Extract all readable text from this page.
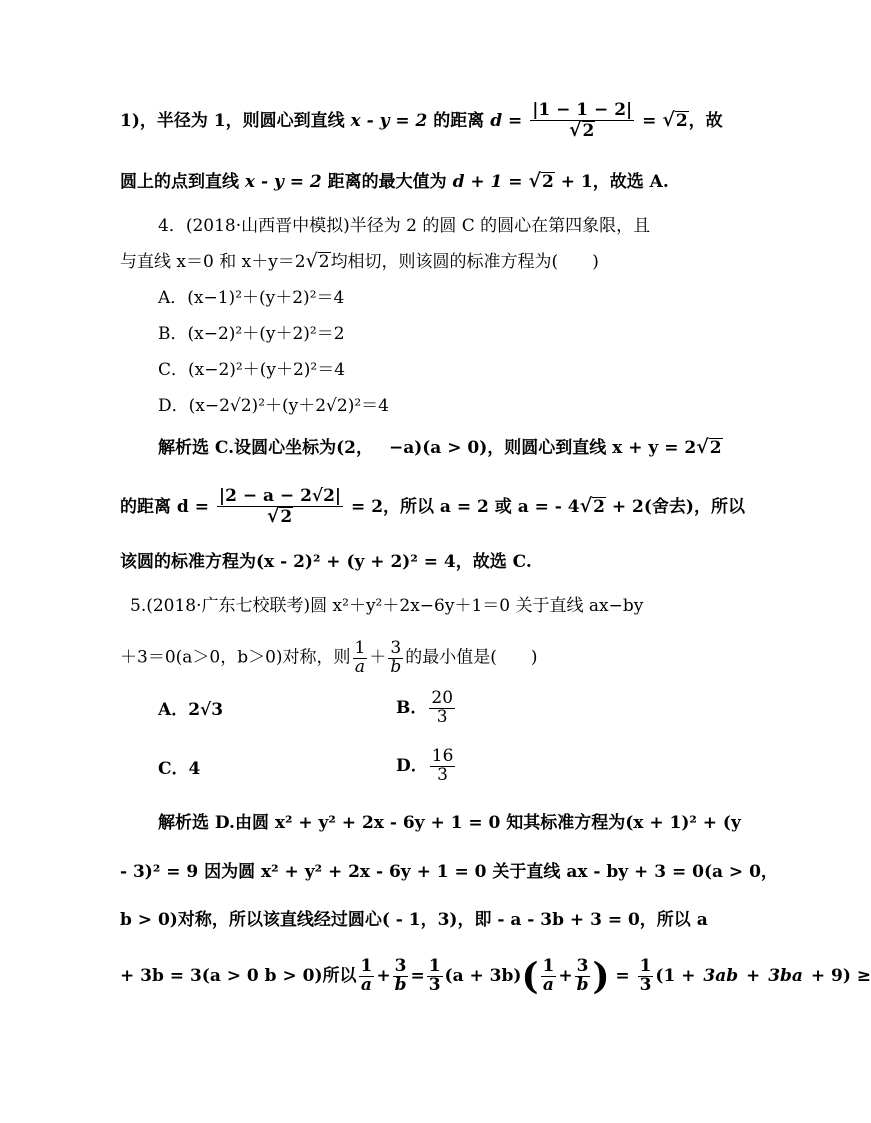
1)，半径为 1，则圆心到直线 x - y = 2 的距离 $d = \frac{|1 - 1 - 2|}{√2} = √2$，故
圆上的点到直线 x - y = 2 距离的最大值为 d + 1 = √2 + 1，故选 A.
4．(2018·山西晋中模拟)半径为 2 的圆 C 的圆心在第四象限，且
与直线 x＝0 和 x＋y＝2√2均相切，则该圆的标准方程为(　　)
A．(x−1)²＋(y＋2)²＝4
B．(x−2)²＋(y＋2)²＝2
C．(x−2)²＋(y＋2)²＝4
D．(x−2√2)²＋(y＋2√2)²＝4
解析选 C.设圆心坐标为(2， −a)(a > 0)，则圆心到直线 x + y = 2√2
的距离 $d = \frac{|2 - a - 2√2|}{√2} = 2$，所以 a = 2 或 a = - 4√2 + 2(舍去)，所以
该圆的标准方程为(x - 2)² + (y + 2)² = 4，故选 C.
5.(2018·广东七校联考)圆 x²＋y²＋2x−6y＋1＝0 关于直线 ax−by
＋3＝0(a＞0，b＞0)对称，则 $\frac{1}{a} + \frac{3}{b}$ 的最小值是(　　)
A．2√3	B． $\frac{20}{3}$
C．4	D． $\frac{16}{3}$
解析选 D.由圆 x² + y² + 2x - 6y + 1 = 0 知其标准方程为(x + 1)² + (y
- 3)² = 9 因为圆 x² + y² + 2x - 6y + 1 = 0 关于直线 ax - by + 3 = 0(a > 0，
b > 0)对称，所以该直线经过圆心( - 1，3)，即 - a - 3b + 3 = 0，所以 a
+ 3b = 3(a > 0 b > 0)所以 $\frac{1}{a} + \frac{3}{b} = \frac{1}{3} (a + 3b)( \frac{1}{a} + \frac{3}{b}) = \frac{1}{3} (1 + 3ab + 3ba + 9)$ ≥
